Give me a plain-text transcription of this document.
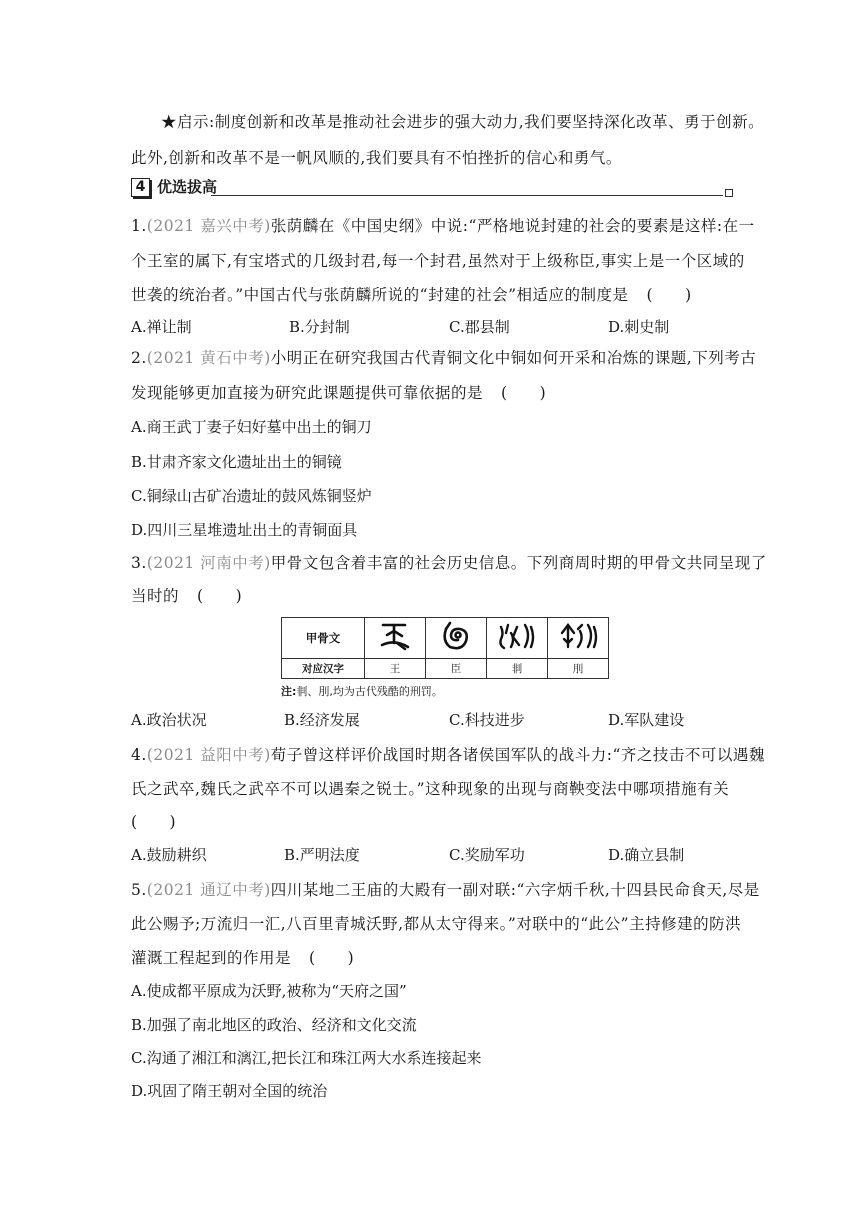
★启示:制度创新和改革是推动社会进步的强大动力,我们要坚持深化改革、勇于创新。
此外,创新和改革不是一帆风顺的,我们要具有不怕挫折的信心和勇气。
4 优选拔高
1.(2021 嘉兴中考)张荫麟在《中国史纲》中说:“严格地说封建的社会的要素是这样:在一
个王室的属下,有宝塔式的几级封君,每一个封君,虽然对于上级称臣,事实上是一个区域的
世袭的统治者。”中国古代与张荫麟所说的“封建的社会”相适应的制度是 (　　)
A.禅让制	B.分封制	C.郡县制	D.刺史制
2.(2021 黄石中考)小明正在研究我国古代青铜文化中铜如何开采和冶炼的课题,下列考古
发现能够更加直接为研究此课题提供可靠依据的是 (　　)
A.商王武丁妻子妇好墓中出土的铜刀
B.甘肃齐家文化遗址出土的铜镜
C.铜绿山古矿冶遗址的鼓风炼铜竖炉
D.四川三星堆遗址出土的青铜面具
3.(2021 河南中考)甲骨文包含着丰富的社会历史信息。下列商周时期的甲骨文共同呈现了
当时的 (　　)
甲骨文				
对应汉字	王	臣	剕	刖
注:剕、刖,均为古代残酷的刑罚。
A.政治状况	B.经济发展	C.科技进步	D.军队建设
4.(2021 益阳中考)荀子曾这样评价战国时期各诸侯国军队的战斗力:“齐之技击不可以遇魏
氏之武卒,魏氏之武卒不可以遇秦之锐士。”这种现象的出现与商鞅变法中哪项措施有关
(　　)
A.鼓励耕织	B.严明法度	C.奖励军功	D.确立县制
5.(2021 通辽中考)四川某地二王庙的大殿有一副对联:“六字炳千秋,十四县民命食天,尽是
此公赐予;万流归一汇,八百里青城沃野,都从太守得来。”对联中的“此公”主持修建的防洪
灌溉工程起到的作用是 (　　)
A.使成都平原成为沃野,被称为“天府之国”
B.加强了南北地区的政治、经济和文化交流
C.沟通了湘江和漓江,把长江和珠江两大水系连接起来
D.巩固了隋王朝对全国的统治
